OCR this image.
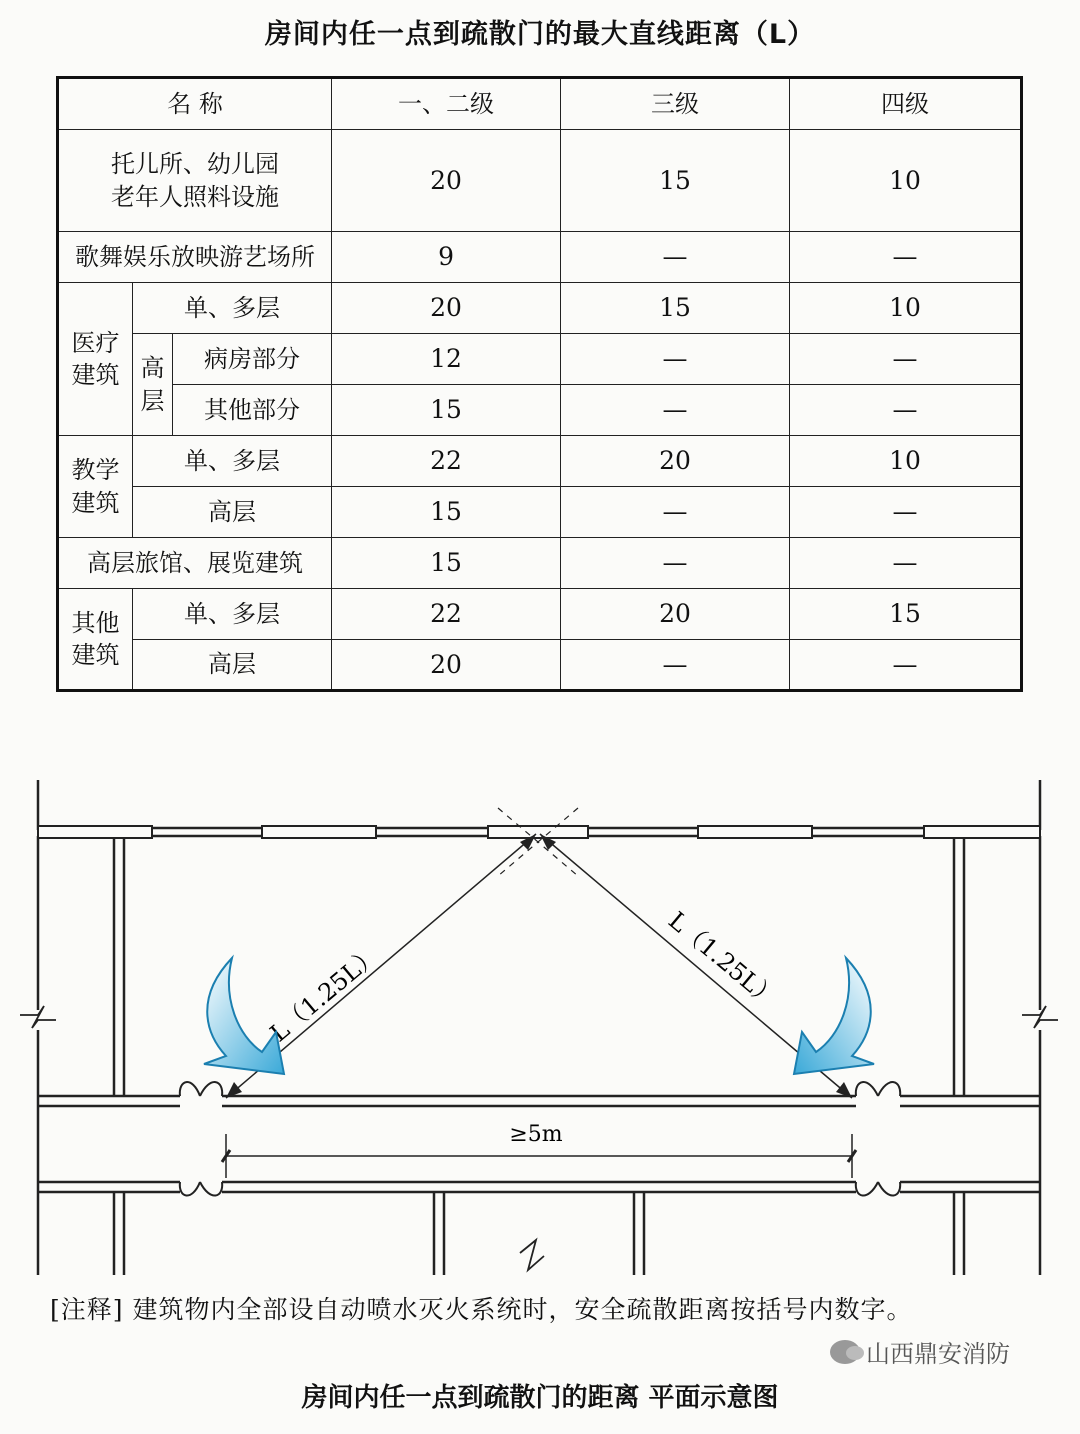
房间内任一点到疏散门的最大直线距离（L）
名 称			一、二级	三级	四级

托儿所、幼儿园
老年人照料设施			20	15	10
歌舞娱乐放映游艺场所			9	—	—
医疗建筑	单、多层		20	15	10
	高层	病房部分	12	—	—
		其他部分	15	—	—
教学建筑	单、多层		22	20	10
	高层		15	—	—
高层旅馆、展览建筑			15	—	—
其他建筑	单、多层		22	20	15
	高层		20	—	—
≥5m
L（1.25L）	L（1.25L）
[注释] 建筑物内全部设自动喷水灭火系统时，安全疏散距离按括号内数字。
山西鼎安消防
房间内任一点到疏散门的距离 平面示意图
